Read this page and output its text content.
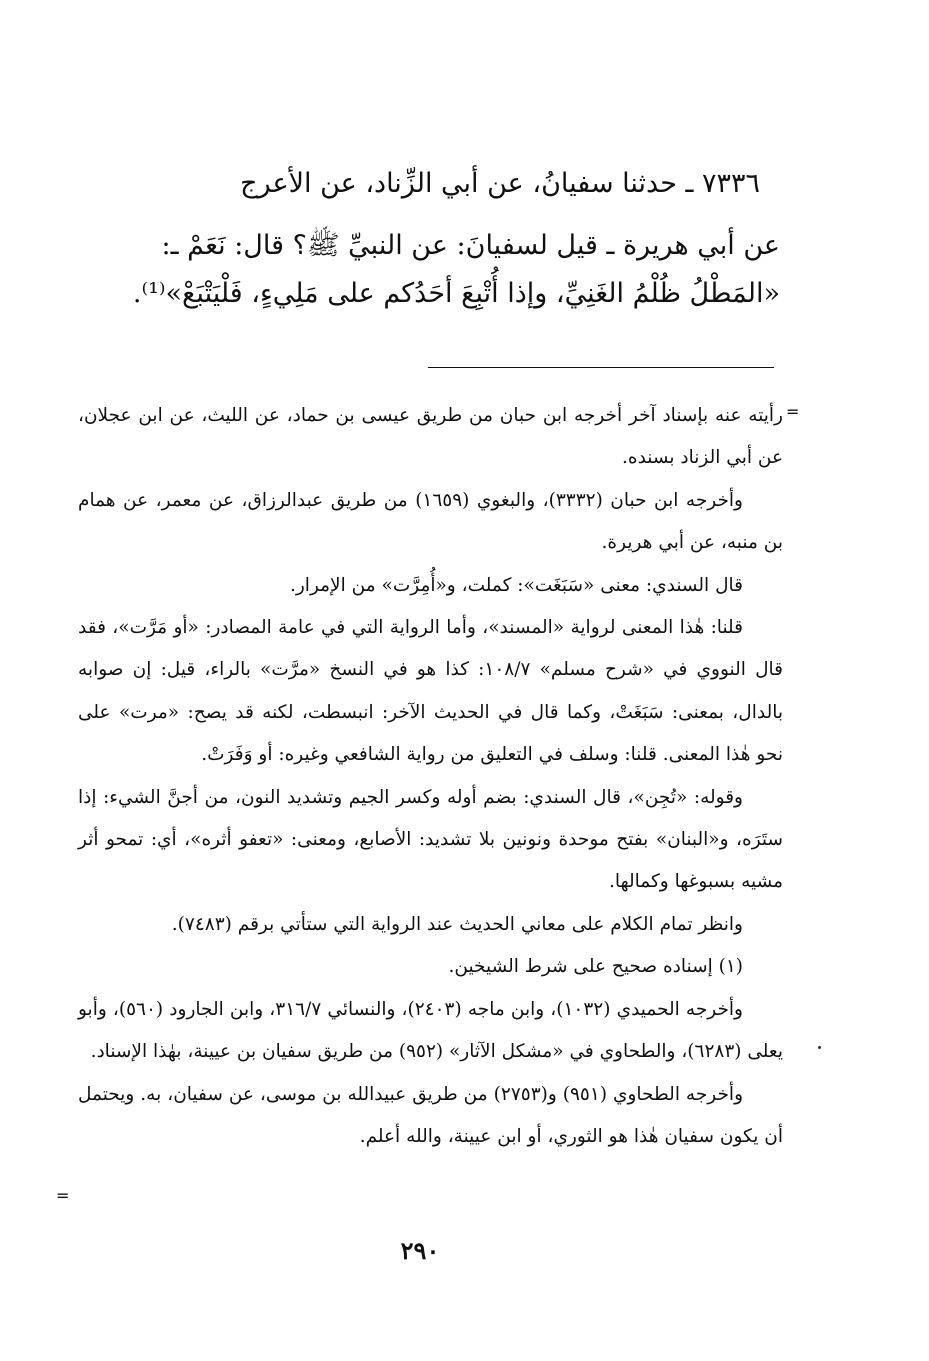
٧٣٣٦ ـ حدثنا سفيانُ، عن أبي الزِّناد، عن الأعرج
عن أبي هريرة ـ قيل لسفيانَ: عن النبيِّ ﷺ؟ قال: نَعَمْ ـ:
«المَطْلُ ظُلْمُ الغَنِيِّ، وإذا أُتْبِعَ أحَدُكم على مَلِيءٍ، فَلْيَتْبَعْ»⁽¹⁾.
=

رأيته عنه بإسناد آخر أخرجه ابن حبان من طريق عيسى بن حماد، عن الليث، عن ابن عجلان، عن أبي الزناد بسنده.

وأخرجه ابن حبان (٣٣٣٢)، والبغوي (١٦٥٩) من طريق عبدالرزاق، عن معمر، عن همام بن منبه، عن أبي هريرة.

قال السندي: معنى «سَبَغَت»: كملت، و«أُمِرَّت» من الإمرار.

قلنا: هٰذا المعنى لرواية «المسند»، وأما الرواية التي في عامة المصادر: «أو مَرَّت»، فقد قال النووي في «شرح مسلم» ١٠٨/٧: كذا هو في النسخ «مرَّت» بالراء، قيل: إن صوابه بالدال، بمعنى: سَبَغَتْ، وكما قال في الحديث الآخر: انبسطت، لكنه قد يصح: «مرت» على نحو هٰذا المعنى. قلنا: وسلف في التعليق من رواية الشافعي وغيره: أو وَفَرَتْ.

وقوله: «تُجِن»، قال السندي: بضم أوله وكسر الجيم وتشديد النون، من أجنَّ الشيء: إذا ستَرَه، و«البنان» بفتح موحدة ونونين بلا تشديد: الأصابع، ومعنى: «تعفو أثره»، أي: تمحو أثر مشيه بسبوغها وكمالها.

وانظر تمام الكلام على معاني الحديث عند الرواية التي ستأتي برقم (٧٤٨٣).

(١) إسناده صحيح على شرط الشيخين.

وأخرجه الحميدي (١٠٣٢)، وابن ماجه (٢٤٠٣)، والنسائي ٣١٦/٧، وابن الجارود (٥٦٠)، وأبو يعلى (٦٢٨٣)، والطحاوي في «مشكل الآثار» (٩٥٢) من طريق سفيان بن عيينة، بهٰذا الإسناد.

وأخرجه الطحاوي (٩٥١) و(٢٧٥٣) من طريق عبيدالله بن موسى، عن سفيان، به. ويحتمل أن يكون سفيان هٰذا هو الثوري، أو ابن عيينة، والله أعلم.

=
٢٩٠
